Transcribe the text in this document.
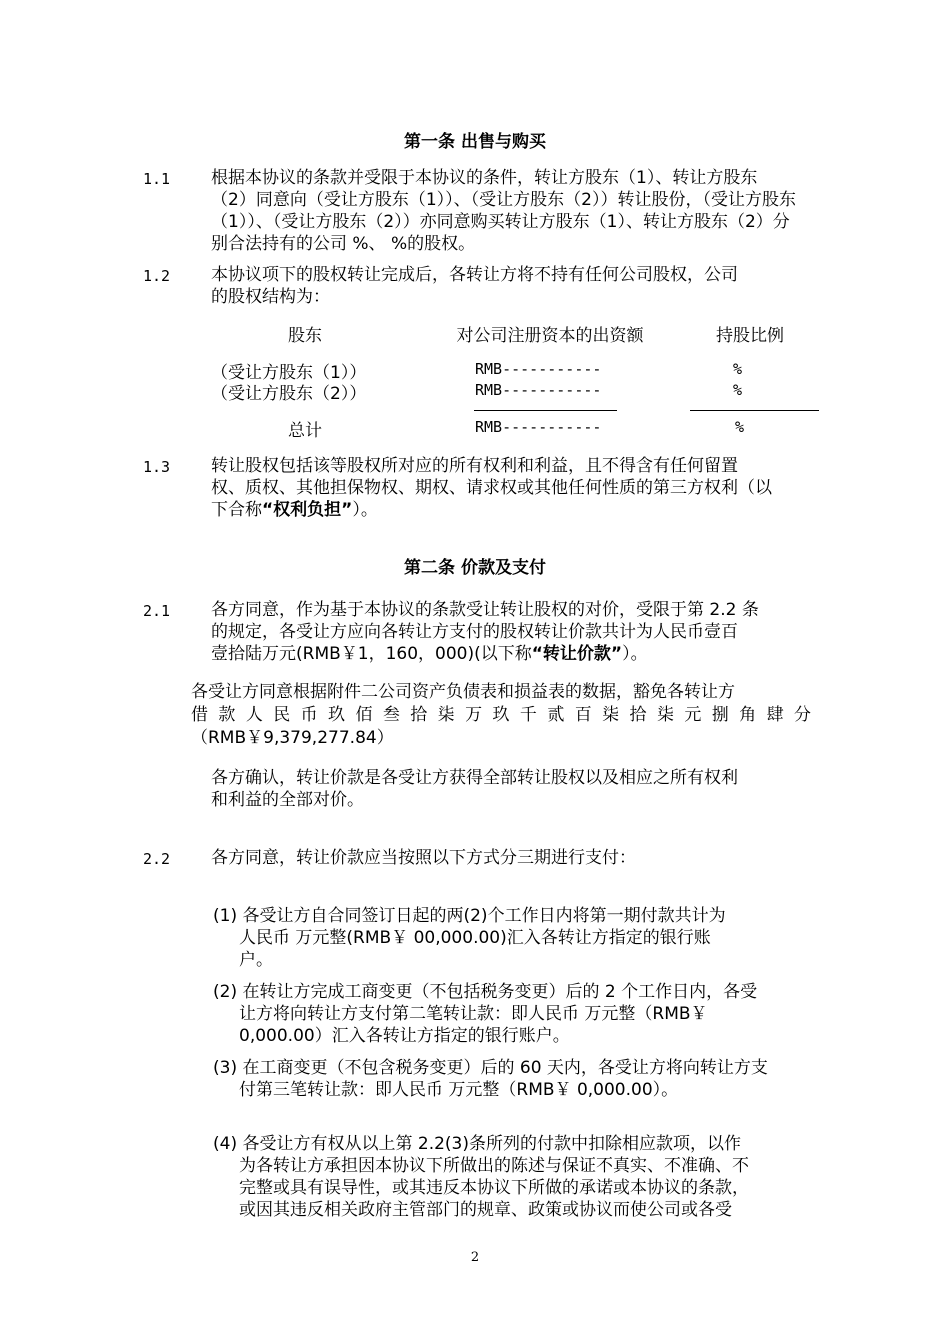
第一条 出售与购买
1.1 根据本协议的条款并受限于本协议的条件，转让方股东（1）、转让方股东

（2）同意向（受让方股东（1））、（受让方股东（2））转让股份，（受让方股东

（1））、（受让方股东（2））亦同意购买转让方股东（1）、转让方股东（2）分

别合法持有的公司 %、 %的股权。

1.2 本协议项下的股权转让完成后，各转让方将不持有任何公司股权，公司

的股权结构为：

股东	对公司注册资本的出资额	持股比例
（受让方股东（1））	RMB-----------	%
（受让方股东（2））	RMB-----------	%
总计	RMB-----------	%
1.3 转让股权包括该等股权所对应的所有权利和利益，且不得含有任何留置

权、质权、其他担保物权、期权、请求权或其他任何性质的第三方权利（以

下合称“权利负担”）。

第二条 价款及支付
2.1 各方同意，作为基于本协议的条款受让转让股权的对价，受限于第 2.2 条

的规定，各受让方应向各转让方支付的股权转让价款共计为人民币壹百

壹拾陆万元(RMB￥1，160，000)(以下称“转让价款”）。

各受让方同意根据附件二公司资产负债表和损益表的数据，豁免各转让方
借 款 人 民 币 玖 佰 叁 拾 柒 万 玖 千 贰 百 柒 拾 柒 元 捌 角 肆 分
（RMB￥9,379,277.84）
各方确认，转让价款是各受让方获得全部转让股权以及相应之所有权利
和利益的全部对价。
2.2 各方同意，转让价款应当按照以下方式分三期进行支付：
(1) 各受让方自合同签订日起的两(2)个工作日内将第一期付款共计为
人民币 万元整(RMB￥ 00,000.00)汇入各转让方指定的银行账
户。
(2) 在转让方完成工商变更（不包括税务变更）后的 2 个工作日内，各受
让方将向转让方支付第二笔转让款：即人民币 万元整（RMB￥
0,000.00）汇入各转让方指定的银行账户。
(3) 在工商变更（不包含税务变更）后的 60 天内，各受让方将向转让方支
付第三笔转让款：即人民币 万元整（RMB￥ 0,000.00）。
(4) 各受让方有权从以上第 2.2(3)条所列的付款中扣除相应款项，以作
为各转让方承担因本协议下所做出的陈述与保证不真实、不准确、不
完整或具有误导性，或其违反本协议下所做的承诺或本协议的条款，
或因其违反相关政府主管部门的规章、政策或协议而使公司或各受
2
